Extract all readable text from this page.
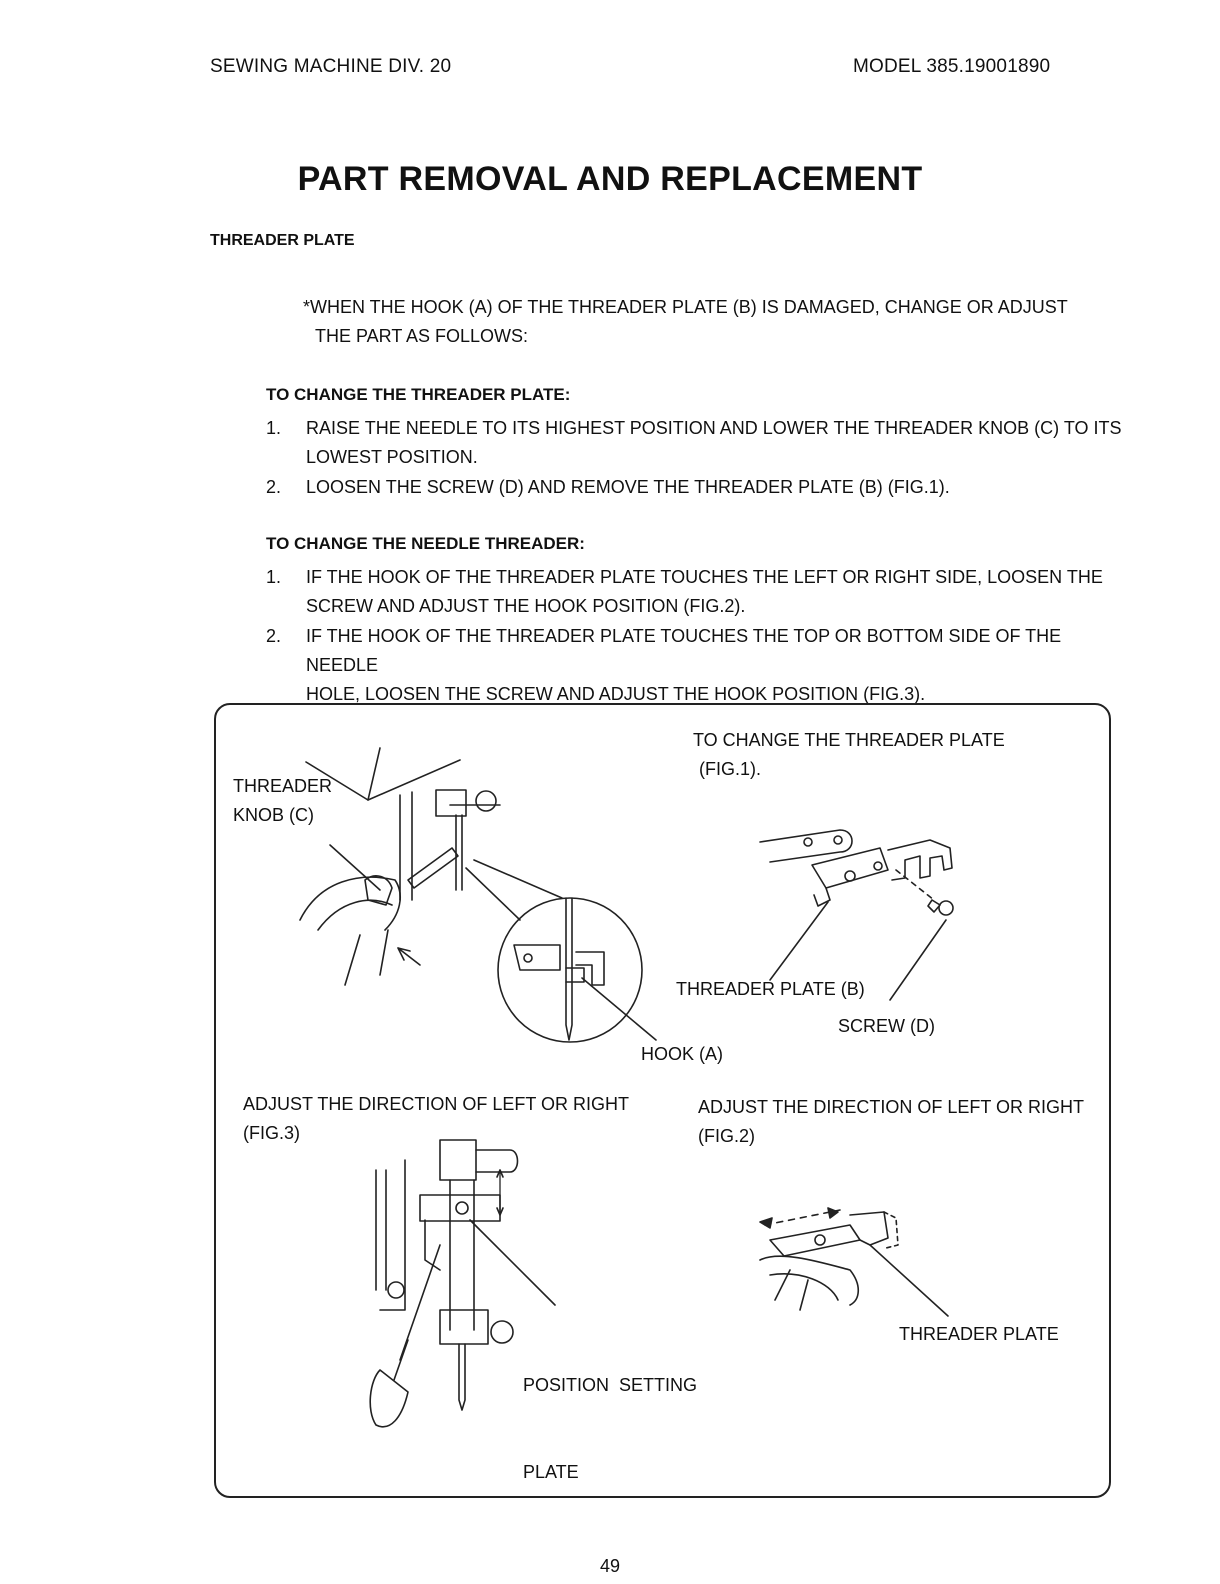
SEWING MACHINE DIV. 20	MODEL 385.19001890
PART REMOVAL AND REPLACEMENT
THREADER PLATE
*WHEN THE HOOK (A) OF THE THREADER PLATE (B) IS DAMAGED, CHANGE OR ADJUST
THE PART AS FOLLOWS:
TO CHANGE THE THREADER PLATE:
1. RAISE THE NEEDLE TO ITS HIGHEST POSITION AND LOWER THE THREADER KNOB (C) TO ITS
LOWEST POSITION.
2. LOOSEN THE SCREW (D) AND REMOVE THE THREADER PLATE (B) (FIG.1).
TO CHANGE THE NEEDLE THREADER:
1. IF THE HOOK OF THE THREADER PLATE TOUCHES THE LEFT OR RIGHT SIDE, LOOSEN THE
SCREW AND ADJUST THE HOOK POSITION (FIG.2).
2. IF THE HOOK OF THE THREADER PLATE TOUCHES THE TOP OR BOTTOM SIDE OF THE NEEDLE
HOLE, LOOSEN THE SCREW AND ADJUST THE HOOK POSITION (FIG.3).
THREADER
KNOB (C)
TO CHANGE THE THREADER PLATE
(FIG.1).
THREADER PLATE (B)
SCREW (D)
HOOK (A)
ADJUST THE DIRECTION OF LEFT OR RIGHT
(FIG.3)
ADJUST THE DIRECTION OF LEFT OR RIGHT
(FIG.2)

POSITION  SETTING

PLATE

THREADER PLATE
49
